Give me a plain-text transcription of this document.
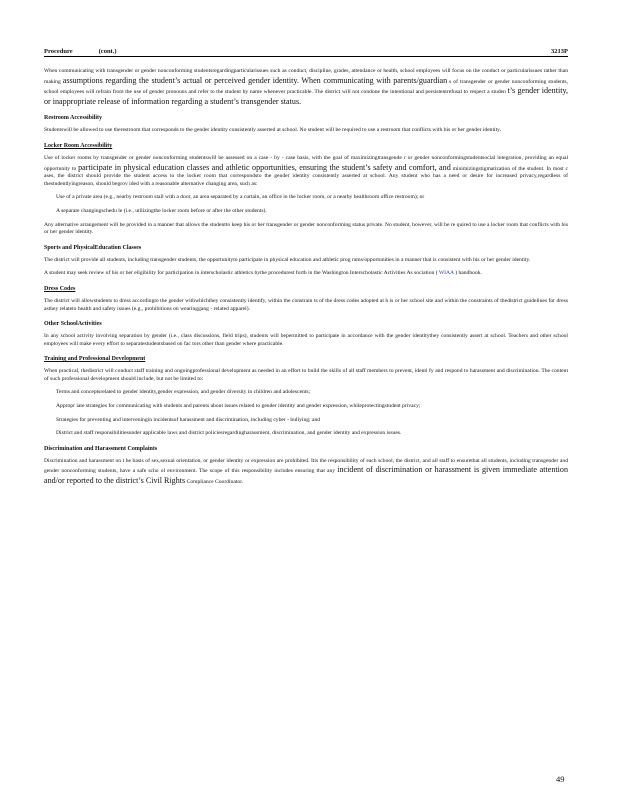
Procedure	(cont.)	3213P

When communicating with transgender or gender nonconforming studentsregardingparticularissues such as conduct, discipline, grades, attendance or health, school employees will focus on the conduct or particularissues rather than making assumptions regarding the student’s actual or perceived gender identity. When communicating with parents/guardian s of transgender or gender nonconforming students, school employees will refrain from the use of gender pronouns and refer to the student by name whenever practicable. The district will not condone the intentional and persistentrefusal to respect a studen t’s gender identity, or inappropriate release of information regarding a student’s transgender status.

Restroom Accessibility

Studentswill be allowed to use therestroom that corresponds to the gender identity consistently asserted at school. No student will be required to use a restroom that conflicts with his or her gender identity.

Locker Room Accessibility

Use of locker rooms by transgender or gender nonconforming studentswill be assessed on a case - by - case basis, with the goal of maximizingtransgende r or gender nonconformingstudentsocial integration, providing an equal opportunity to participate in physical education classes and athletic opportunities, ensuring the student’s safety and comfort, and minimizingstigmatization of the student. In most c ases, the district should provide the student access to the locker room that correspondsto the gender identity consistently asserted at school. Any student who has a need or desire for increased privacy,regardless of thestudentlyingreason, should begrov ided with a reasonable alternative changing area, such as:

Use of a private area (e.g., nearby restroom stall with a door, an area separated by a curtain, an office in the locker room, or a nearby healthroom office restroom); or
A separate changingschedu le (i.e., utilizingthe locker room before or after the other students).

Any alternative arrangement will be provided in a manner that allows the studentto keep his or her transgender or gender nonconforming status private. No student, however, will be re quired to use a locker room that conflicts with his or her gender identity.

Sports and PhysicalEducation Classes

The district will provide all students, including transgender students, the opportunityto participate in physical education and athletic prog rams/opportunities in a manner that is consistent with his or her gender identity.

A student may seek review of his or her eligibility for participation in interscholastic athletics bythe procedurest forth in the Washington Interscholastic Activities As sociation ( WIAA ) handbook.

Dress Codes

The district will allowstudents to dress accordingto the gender withwhichthey consistently identify, within the constrain ts of the dress codes adopted at h is or her school site and within the constraints of thedistrict guidelines for dress asthey relateto health and safety issues (e.g., prohibitions on wearinggang - related apparel).

Other SchoolActivities

In any school activity involving separation by gender (i.e., class discussions, field trips), students will bepermitted to participate in accordance with the gender identitythey consistently assert at school. Teachers and other school employees will make every effort to separatestudentsbased on fac tors other than gender where practicable.

Training and Professional Development

When practical, thedistrict will conduct staff training and ongoingprofessional development as needed in an effort to build the skills of all staff members to prevent, identi fy and respond to harassment and discrimination. The content of such professional development should include, but not be limited to:

Terms and conceptsrelated to gender identity,gender expression, and gender diversity in children and adolescents;
Appropr iate strategies for communicating with students and parents about issues related to gender identity and gender expression, whileprotectingstudent privacy;
Strategies for preventing and interveningin incidentsof harassment and discrimination, including cyber - bullying; and
District and staff responsibilitiesunder applicable laws and district policiesregardingharassment, discrimination, and gender identity and expression issues.
Discrimination and Harassment Complaints

Discrimination and harassment on t he basis of sex,sexual orientation, or gender identity or expression are prohibited. Itis the responsibility of each school, the district, and all staff to ensurethat all students, including transgender and gender nonconforming students, have a safe scho ol environment. The scope of this responsibility includes ensuring that any incident of discrimination or harassment is given immediate attention and/or reported to the district’s Civil Rights Compliance Coordinator.

49
